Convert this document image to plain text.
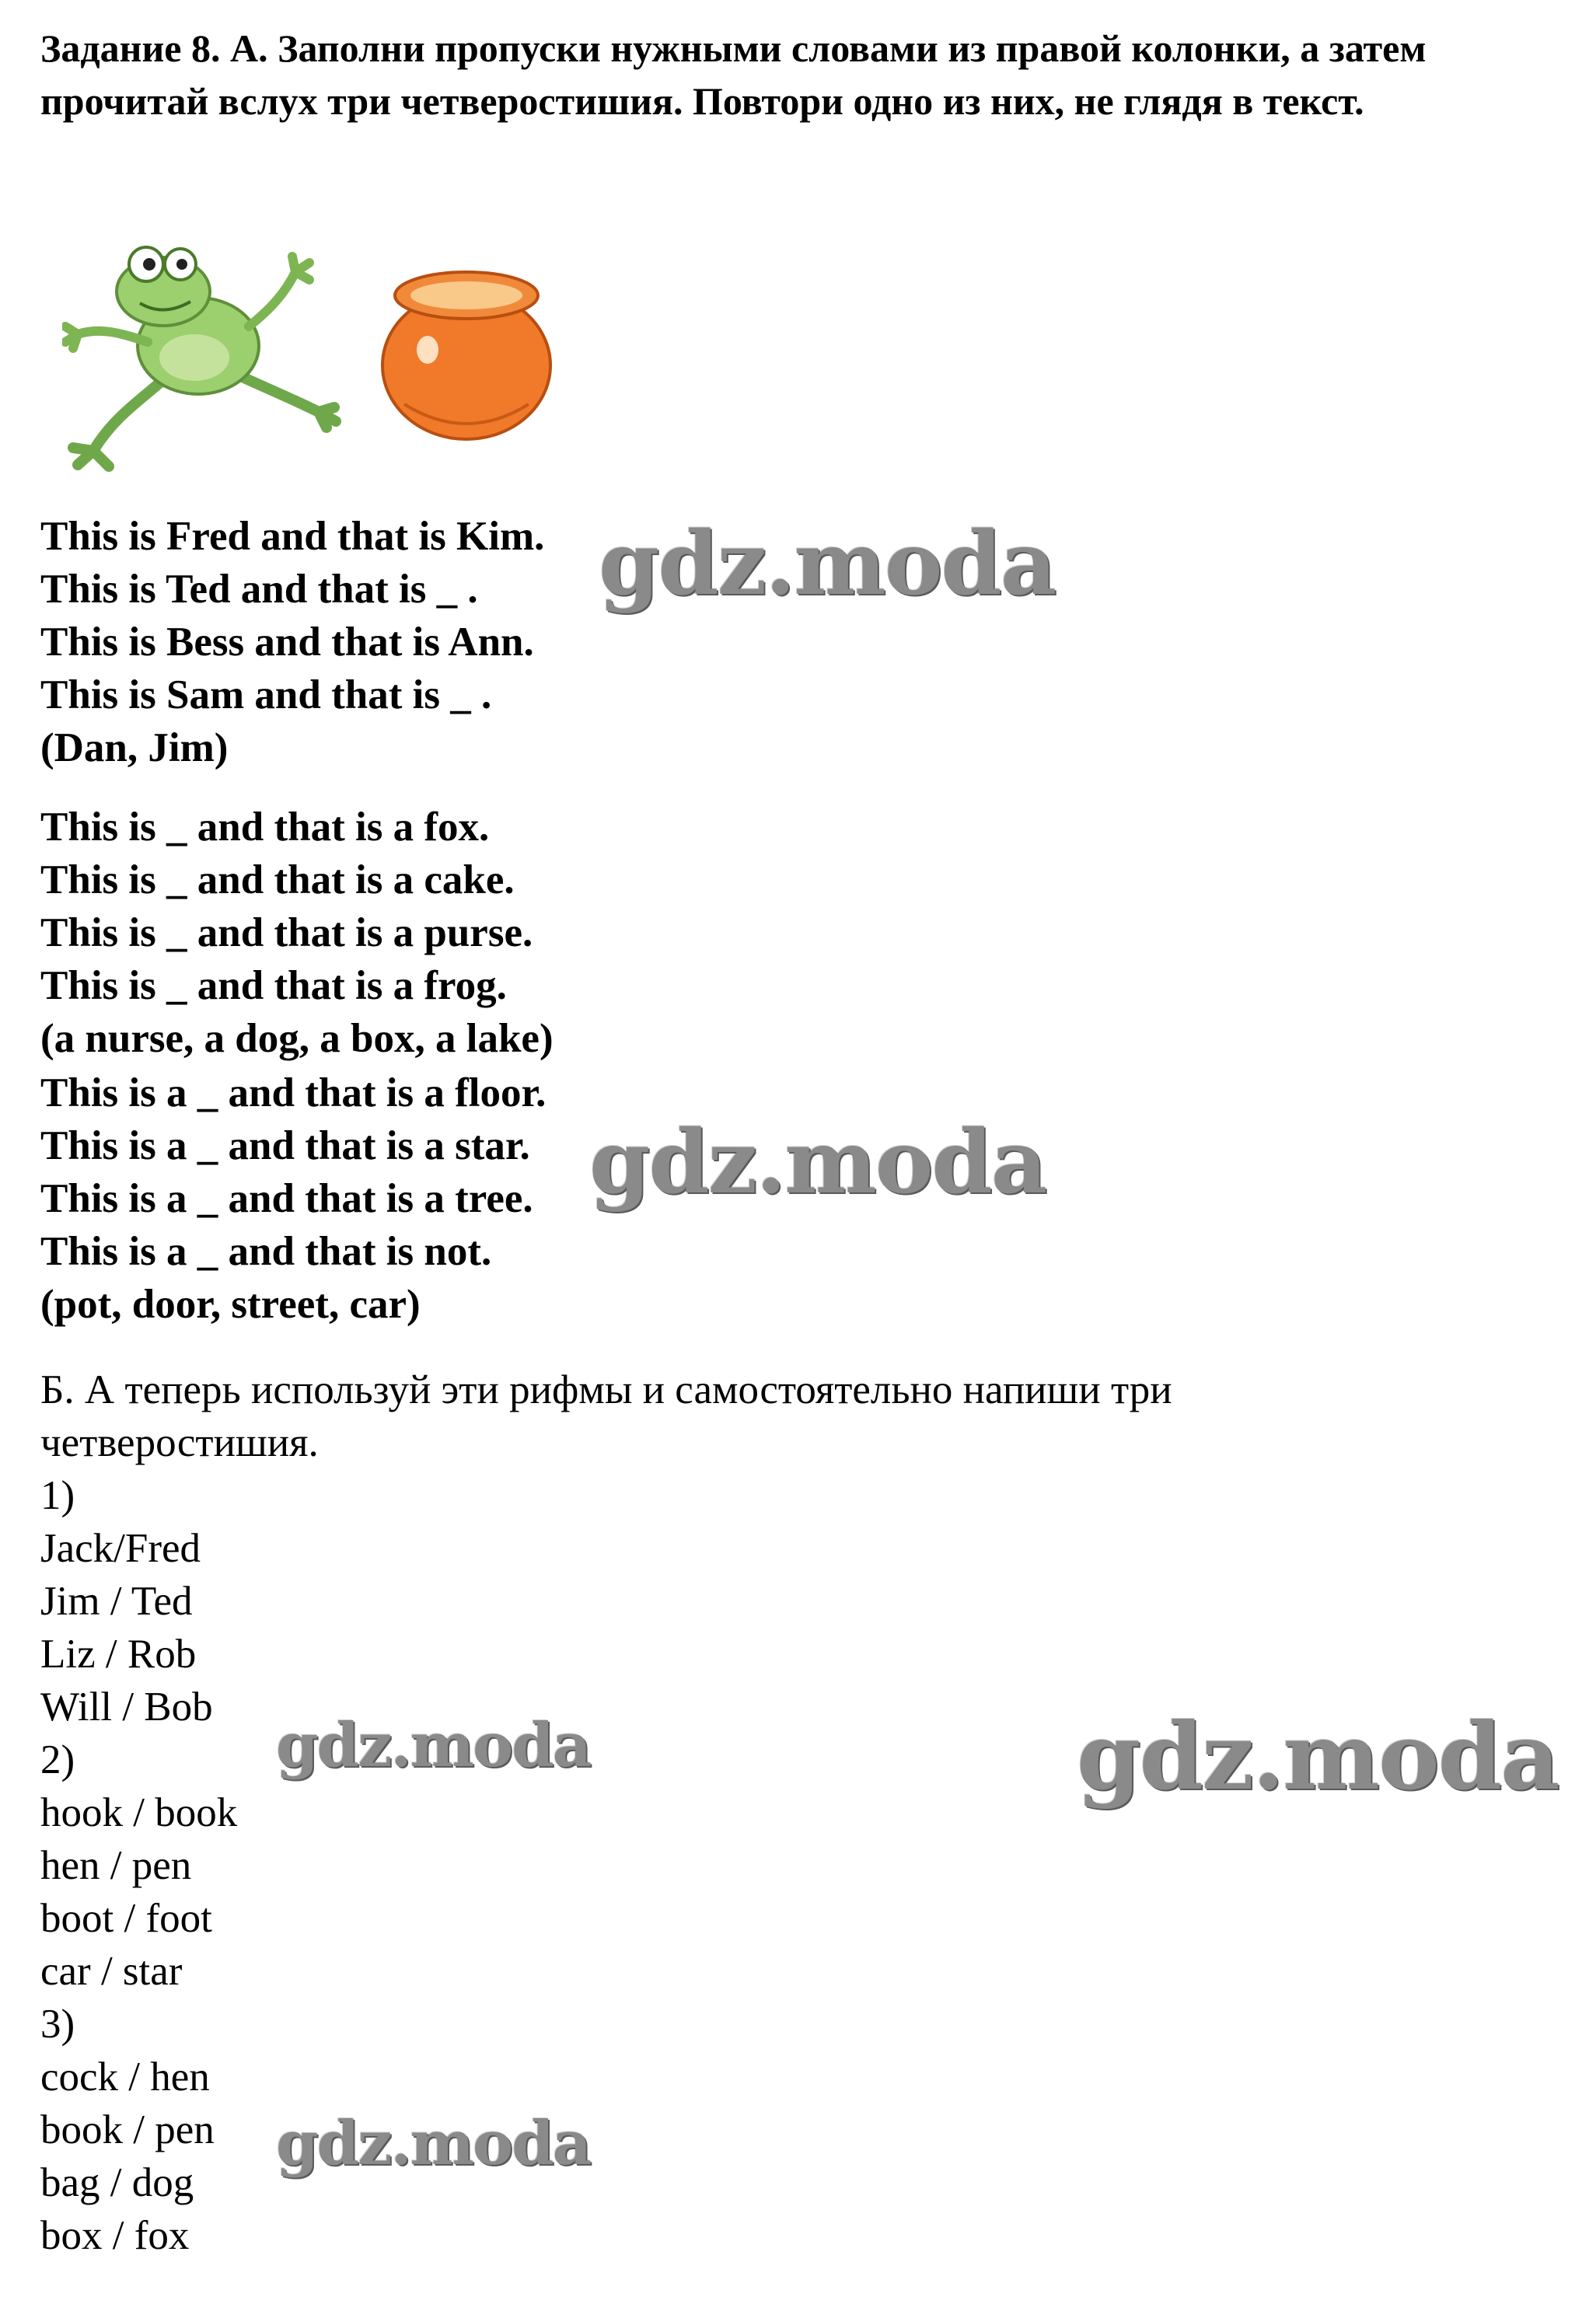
Задание 8. А. Заполни пропуски нужными словами из правой колонки, а затем прочитай вслух три четверостишия. Повтори одно из них, не глядя в текст.

This is Fred and that is Kim.
This is Ted and that is _ .
This is Bess and that is Ann.
This is Sam and that is _ .
(Dan, Jim)
This is _ and that is a fox.
This is _ and that is a cake.
This is _ and that is a purse.
This is _ and that is a frog.
(a nurse, a dog, a box, a lake)
This is a _ and that is a floor.
This is a _ and that is a star.
This is a _ and that is a tree.
This is a _ and that is not.
(pot, door, street, car)
Б. А теперь используй эти рифмы и самостоятельно напиши три
четверостишия.
1)
Jack/Fred
Jim / Ted
Liz / Rob
Will / Bob
2)
hook / book
hen / pen
boot / foot
car / star
3)
cock / hen
book / pen
bag / dog
box / fox
gdz.moda
gdz.moda
gdz.moda	gdz.moda
gdz.moda
